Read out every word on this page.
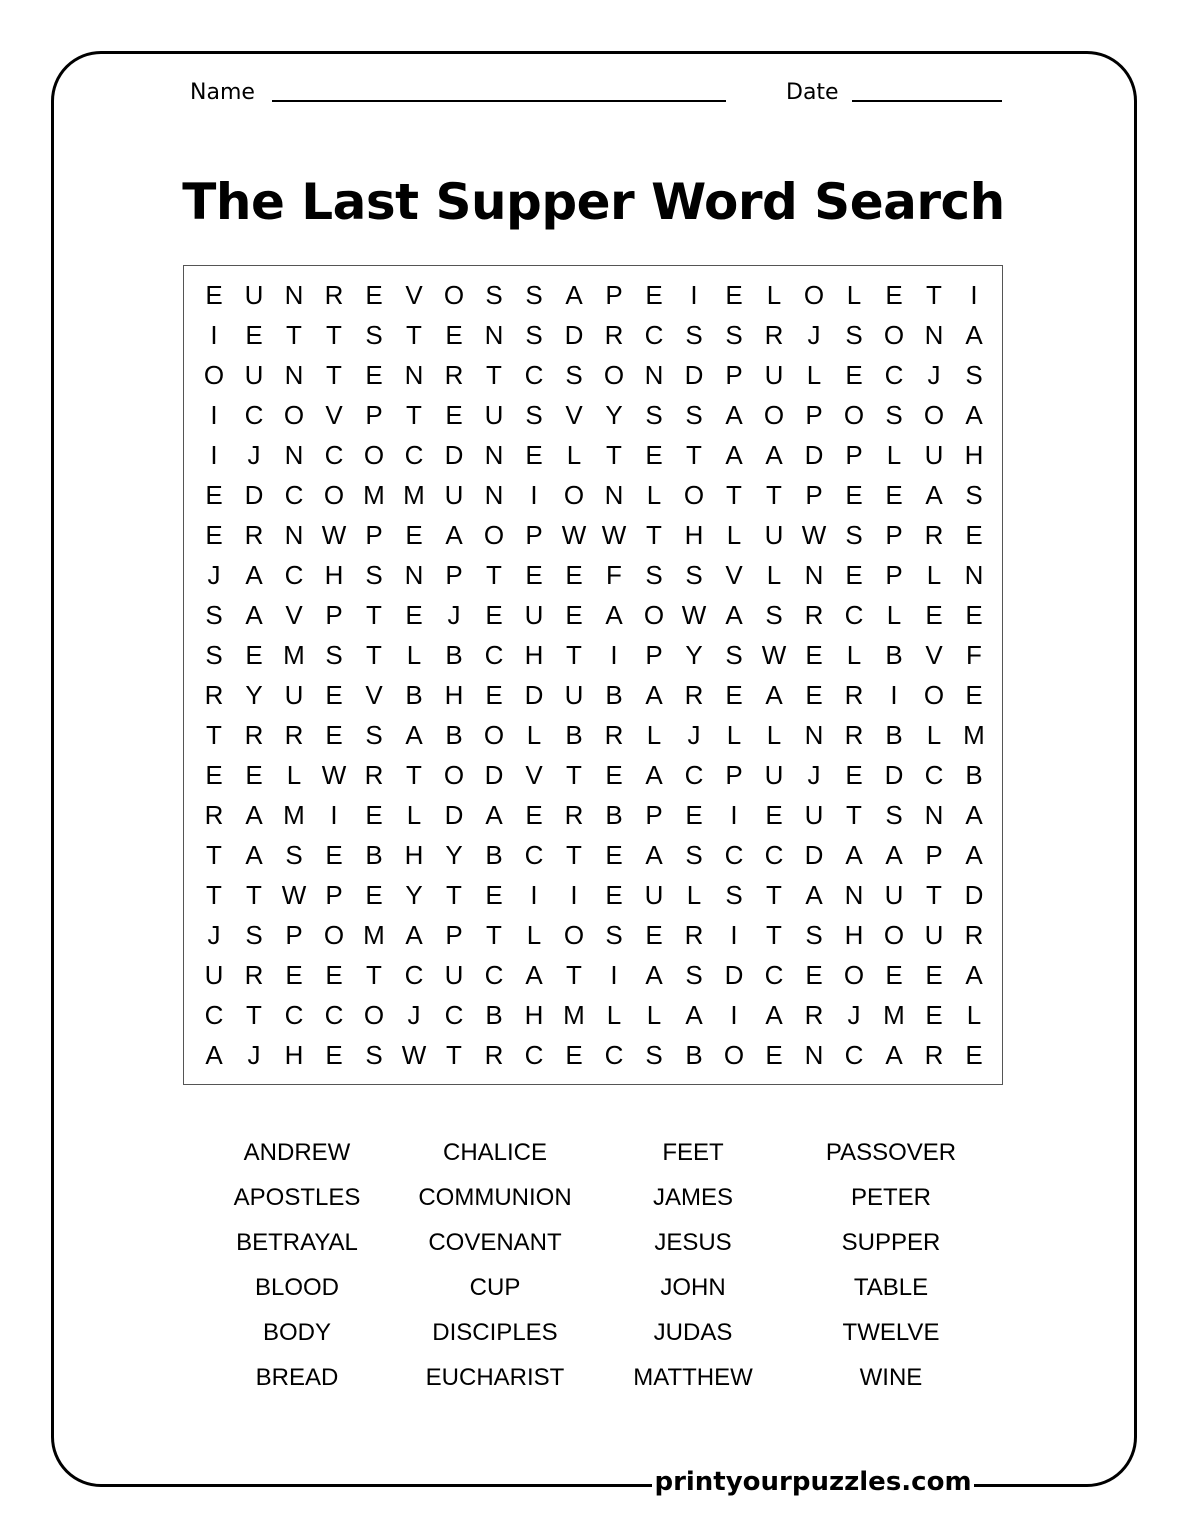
Name	Date
The Last Supper Word Search
E U N R E V O S S A P E	I	E L O L E T	I
I	E T T S T E N S D R C S S R J S O N A
O U N T E N R T C S O N D P U L E C J S
I	C O V P T E U S V Y S S A O P O S O A
I	J N C O C D N E L T E T A A D P L U H
E D C O M M U N	I	O N L O T T P E E A S
E R N W P E A O P W W T H L U W S P R E
J A C H S N P T E E F S S V L N E P L N
S A V P T E J E U E A O W A S R C L E E
S E M S T L B C H T	I	P Y S W E L B V F
R Y U E V B H E D U B A R E A E R	I	O E
T R R E S A B O L B R L	J	L L N R B L M
E E L W R T O D V T E A C P U J E D C B
R A M I	E L D A E R B P E	I	E U T S N A
T A S E B H Y B C T E A S C C D A A P A
T T W P E Y T E	I	I	E U L S T A N U T D
J S P O M A P T L O S E R	I	T S H O U R
U R E E T C U C A T	I	A S D C E O E E A
C T C C O J C B H M L L A	I	A R J M E L
A J H E S W T R C E C S B O E N C A R E
ANDREW	CHALICE	FEET	PASSOVER
APOSTLES	COMMUNION	JAMES	PETER
BETRAYAL	COVENANT	JESUS	SUPPER
BLOOD	CUP	JOHN	TABLE
BODY	DISCIPLES	JUDAS	TWELVE
BREAD	EUCHARIST	MATTHEW	WINE
printyourpuzzles.com
